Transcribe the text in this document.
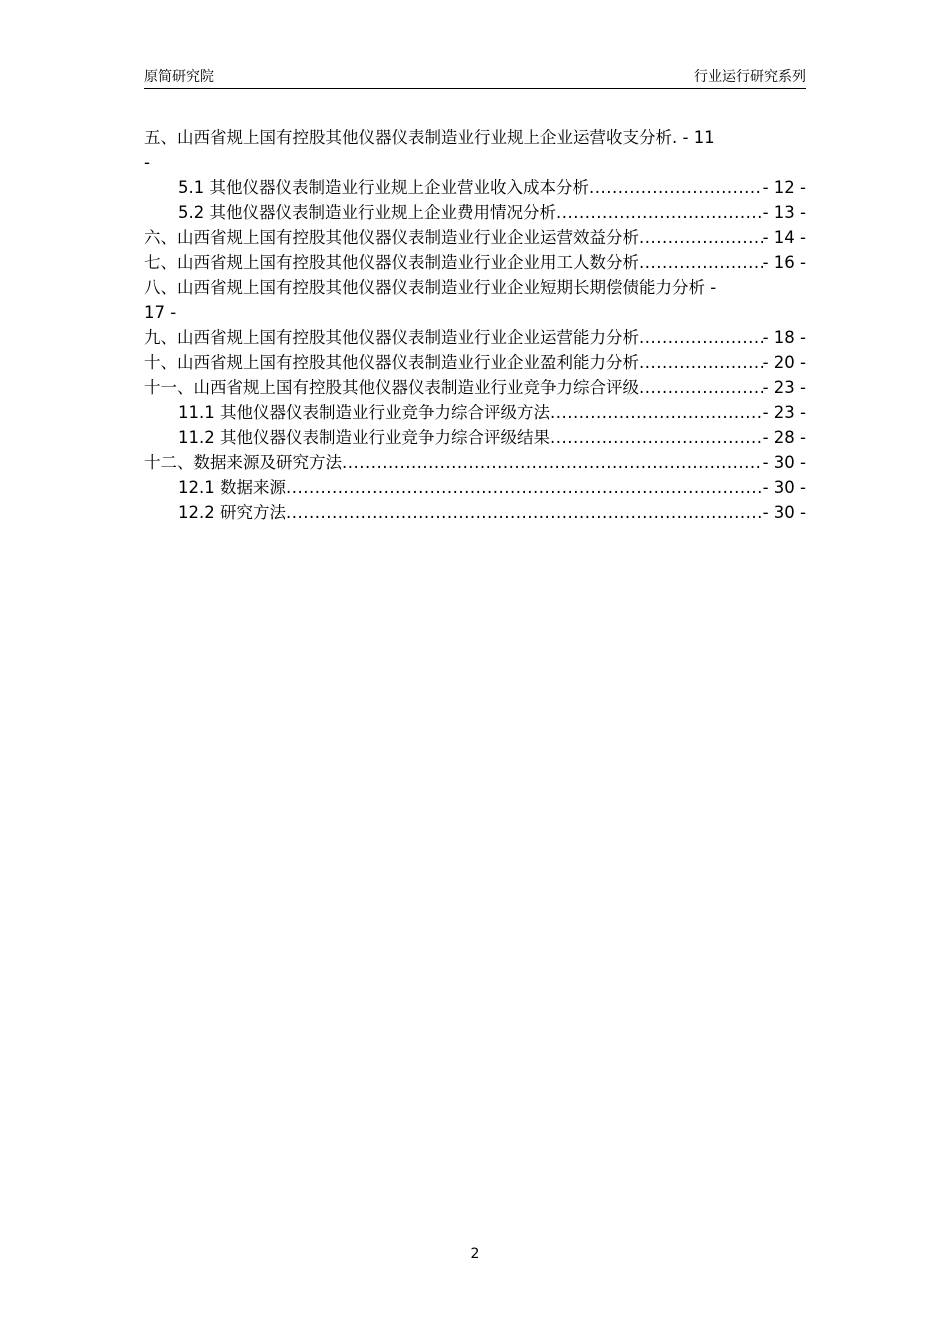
原简研究院	行业运行研究系列
五、山西省规上国有控股其他仪器仪表制造业行业规上企业运营收支分析. - 11
-
5.1 其他仪器仪表制造业行业规上企业营业收入成本分析 .....	- 12 -
5.2 其他仪器仪表制造业行业规上企业费用情况分析 .....	- 13 -
六、山西省规上国有控股其他仪器仪表制造业行业企业运营效益分析 .....	- 14 -
七、山西省规上国有控股其他仪器仪表制造业行业企业用工人数分析 .....	- 16 -
八、山西省规上国有控股其他仪器仪表制造业行业企业短期长期偿债能力分析 -
17 -
九、山西省规上国有控股其他仪器仪表制造业行业企业运营能力分析 .....	- 18 -
十、山西省规上国有控股其他仪器仪表制造业行业企业盈利能力分析 .....	- 20 -
十一、山西省规上国有控股其他仪器仪表制造业行业竞争力综合评级 .....	- 23 -
11.1 其他仪器仪表制造业行业竞争力综合评级方法 .....	- 23 -
11.2 其他仪器仪表制造业行业竞争力综合评级结果 .....	- 28 -
十二、数据来源及研究方法 .....	- 30 -
12.1 数据来源 .....	- 30 -
12.2 研究方法 .....	- 30 -
2
